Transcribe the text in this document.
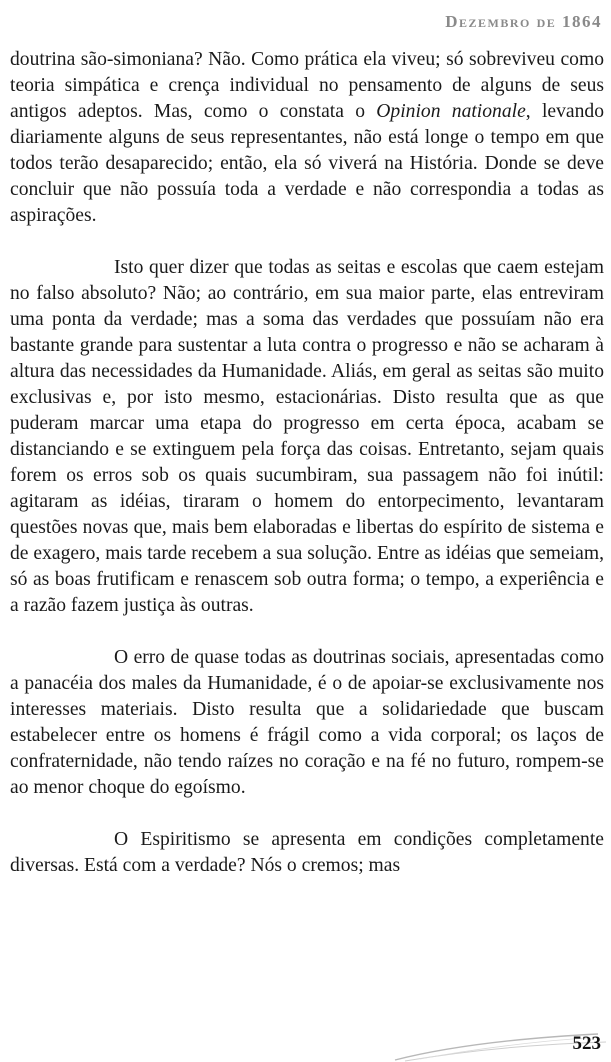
Dezembro de 1864

doutrina são-simoniana? Não. Como prática ela viveu; só sobreviveu como teoria simpática e crença individual no pensamento de alguns de seus antigos adeptos. Mas, como o constata o Opinion nationale, levando diariamente alguns de seus representantes, não está longe o tempo em que todos terão desaparecido; então, ela só viverá na História. Donde se deve concluir que não possuía toda a verdade e não correspondia a todas as aspirações.

Isto quer dizer que todas as seitas e escolas que caem estejam no falso absoluto? Não; ao contrário, em sua maior parte, elas entreviram uma ponta da verdade; mas a soma das verdades que possuíam não era bastante grande para sustentar a luta contra o progresso e não se acharam à altura das necessidades da Humanidade. Aliás, em geral as seitas são muito exclusivas e, por isto mesmo, estacionárias. Disto resulta que as que puderam marcar uma etapa do progresso em certa época, acabam se distanciando e se extinguem pela força das coisas. Entretanto, sejam quais forem os erros sob os quais sucumbiram, sua passagem não foi inútil: agitaram as idéias, tiraram o homem do entorpecimento, levantaram questões novas que, mais bem elaboradas e libertas do espírito de sistema e de exagero, mais tarde recebem a sua solução. Entre as idéias que semeiam, só as boas frutificam e renascem sob outra forma; o tempo, a experiência e a razão fazem justiça às outras.

O erro de quase todas as doutrinas sociais, apresentadas como a panacéia dos males da Humanidade, é o de apoiar-se exclusivamente nos interesses materiais. Disto resulta que a solidariedade que buscam estabelecer entre os homens é frágil como a vida corporal; os laços de confraternidade, não tendo raízes no coração e na fé no futuro, rompem-se ao menor choque do egoísmo.

O Espiritismo se apresenta em condições completamente diversas. Está com a verdade? Nós o cremos; mas

523
